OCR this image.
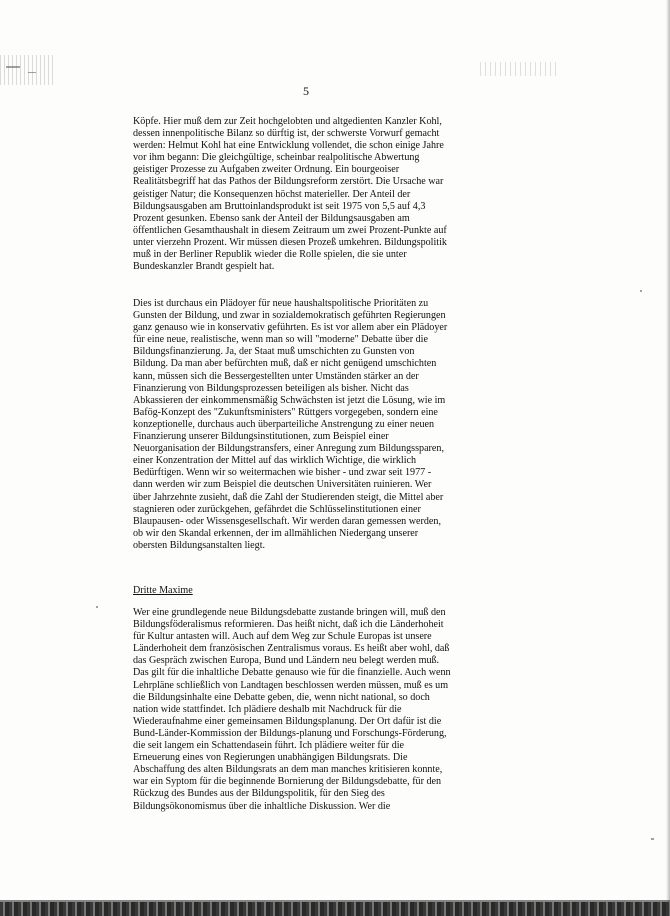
5
Köpfe. Hier muß dem zur Zeit hochgelobten und altgedienten Kanzler Kohl,
dessen innenpolitische Bilanz so dürftig ist, der schwerste Vorwurf gemacht
werden: Helmut Kohl hat eine Entwicklung vollendet, die schon einige Jahre
vor ihm begann: Die gleichgültige, scheinbar realpolitische Abwertung
geistiger Prozesse zu Aufgaben zweiter Ordnung. Ein bourgeoiser
Realitätsbegriff hat das Pathos der Bildungsreform zerstört. Die Ursache war
geistiger Natur; die Konsequenzen höchst materieller. Der Anteil der
Bildungsausgaben am Bruttoinlandsprodukt ist seit 1975 von 5,5 auf 4,3
Prozent gesunken. Ebenso sank der Anteil der Bildungsausgaben am
öffentlichen Gesamthaushalt in diesem Zeitraum um zwei Prozent-Punkte auf
unter vierzehn Prozent. Wir müssen diesen Prozeß umkehren. Bildungspolitik
muß in der Berliner Republik wieder die Rolle spielen, die sie unter
Bundeskanzler Brandt gespielt hat.
Dies ist durchaus ein Plädoyer für neue haushaltspolitische Prioritäten zu
Gunsten der Bildung, und zwar in sozialdemokratisch geführten Regierungen
ganz genauso wie in konservativ geführten. Es ist vor allem aber ein Plädoyer
für eine neue, realistische, wenn man so will "moderne" Debatte über die
Bildungsfinanzierung. Ja, der Staat muß umschichten zu Gunsten von
Bildung. Da man aber befürchten muß, daß er nicht genügend umschichten
kann, müssen sich die Bessergestellten unter Umständen stärker an der
Finanzierung von Bildungsprozessen beteiligen als bisher. Nicht das
Abkassieren der einkommensmäßig Schwächsten ist jetzt die Lösung, wie im
Bafög-Konzept des "Zukunftsministers" Rüttgers vorgegeben, sondern eine
konzeptionelle, durchaus auch überparteiliche Anstrengung zu einer neuen
Finanzierung unserer Bildungsinstitutionen, zum Beispiel einer
Neuorganisation der Bildungstransfers, einer Anregung zum Bildungssparen,
einer Konzentration der Mittel auf das wirklich Wichtige, die wirklich
Bedürftigen. Wenn wir so weitermachen wie bisher - und zwar seit 1977 -
dann werden wir zum Beispiel die deutschen Universitäten ruinieren. Wer
über Jahrzehnte zusieht, daß die Zahl der Studierenden steigt, die Mittel aber
stagnieren oder zurückgehen, gefährdet die Schlüsselinstitutionen einer
Blaupausen- oder Wissensgesellschaft. Wir werden daran gemessen werden,
ob wir den Skandal erkennen, der im allmählichen Niedergang unserer
obersten Bildungsanstalten liegt.
Dritte Maxime
Wer eine grundlegende neue Bildungsdebatte zustande bringen will, muß den
Bildungsföderalismus reformieren. Das heißt nicht, daß ich die Länderhoheit
für Kultur antasten will. Auch auf dem Weg zur Schule Europas ist unsere
Länderhoheit dem französischen Zentralismus voraus. Es heißt aber wohl, daß
das Gespräch zwischen Europa, Bund und Ländern neu belegt werden muß.
Das gilt für die inhaltliche Debatte genauso wie für die finanzielle. Auch wenn
Lehrpläne schließlich von Landtagen beschlossen werden müssen, muß es um
die Bildungsinhalte eine Debatte geben, die, wenn nicht national, so doch
nation wide stattfindet. Ich plädiere deshalb mit Nachdruck für die
Wiederaufnahme einer gemeinsamen Bildungsplanung. Der Ort dafür ist die
Bund-Länder-Kommission der Bildungs-planung und Forschungs-Förderung,
die seit langem ein Schattendasein führt. Ich plädiere weiter für die
Erneuerung eines von Regierungen unabhängigen Bildungsrats. Die
Abschaffung des alten Bildungsrats an dem man manches kritisieren konnte,
war ein Syptom für die beginnende Bornierung der Bildungsdebatte, für den
Rückzug des Bundes aus der Bildungspolitik, für den Sieg des
Bildungsökonomismus über die inhaltliche Diskussion. Wer die
